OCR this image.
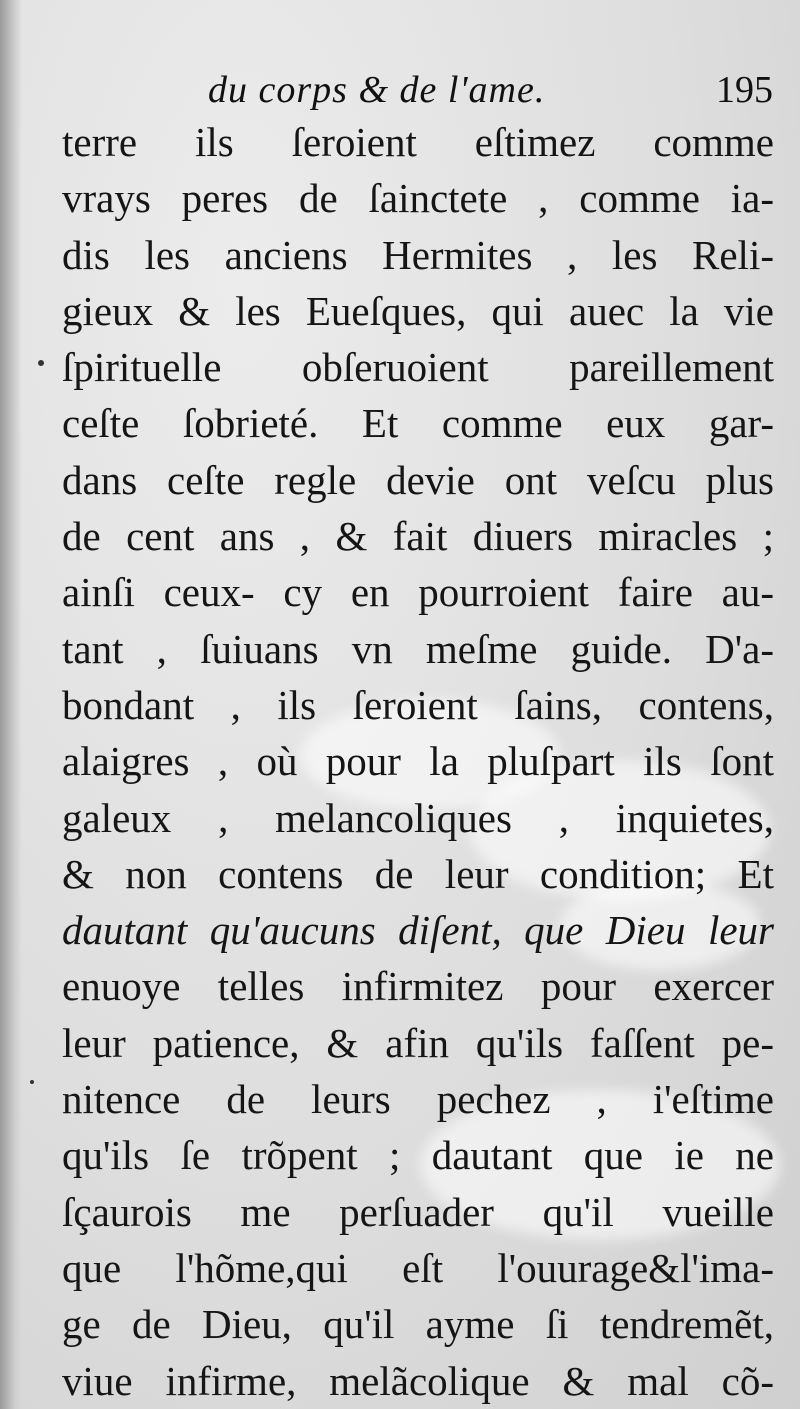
du corps & de l'ame.	195
terre ils ſeroient eſtimez comme
vrays peres de ſainctete , comme ia-
dis les anciens Hermites , les Reli-
gieux & les Eueſques, qui auec la vie
ſpirituelle obſeruoient pareillement
ceſte ſobrieté. Et comme eux gar-
dans ceſte regle devie ont veſcu plus
de cent ans , & fait diuers miracles ;
ainſi ceux- cy en pourroient faire au-
tant , ſuiuans vn meſme guide. D'a-
bondant , ils ſeroient ſains, contens,
alaigres , où pour la pluſpart ils ſont
galeux , melancoliques , inquietes,
& non contens de leur condition; Et
dautant qu'aucuns diſent, que Dieu leur
enuoye telles infirmitez pour exercer
leur patience, & afin qu'ils faſſent pe-
nitence de leurs pechez , i'eſtime
qu'ils ſe trõpent ; dautant que ie ne
ſçaurois me perſuader qu'il vueille
que l'hõme,qui eſt l'ouurage&l'ima-
ge de Dieu, qu'il ayme ſi tendremẽt,
viue infirme, melãcolique & mal cõ-
